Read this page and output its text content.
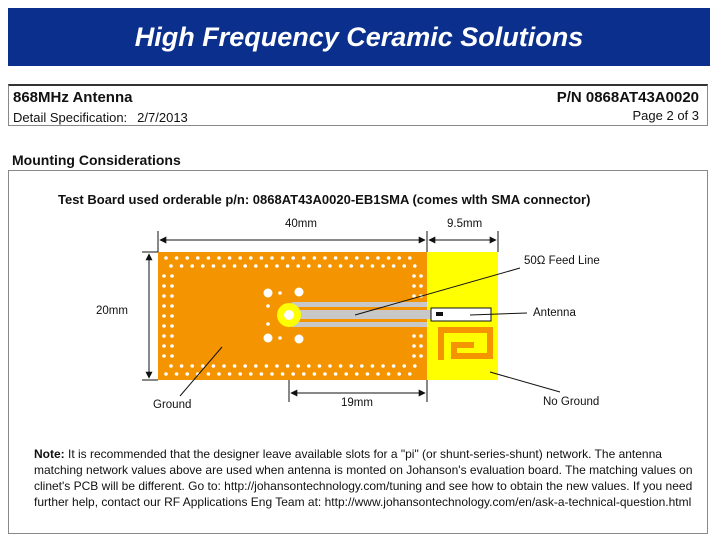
High Frequency Ceramic Solutions
868MHz Antenna	P/N 0868AT43A0020
Detail Specification: 2/7/2013	Page 2 of 3
Mounting Considerations
Test Board used orderable p/n: 0868AT43A0020-EB1SMA (comes wlth SMA connector)
40mm	9.5mm
20mm
19mm
50Ω Feed Line
Antenna
Ground	No Ground
Note: It is recommended that the designer leave available slots for a "pi" (or shunt-series-shunt) network. The antenna matching network values above are used when antenna is monted on Johanson's evaluation board. The matching values on clinet's PCB will be different. Go to: http://johansontechnology.com/tuning and see how to obtain the new values. If you need further help, contact our RF Applications Eng Team at: http://www.johansontechnology.com/en/ask-a-technical-question.html
